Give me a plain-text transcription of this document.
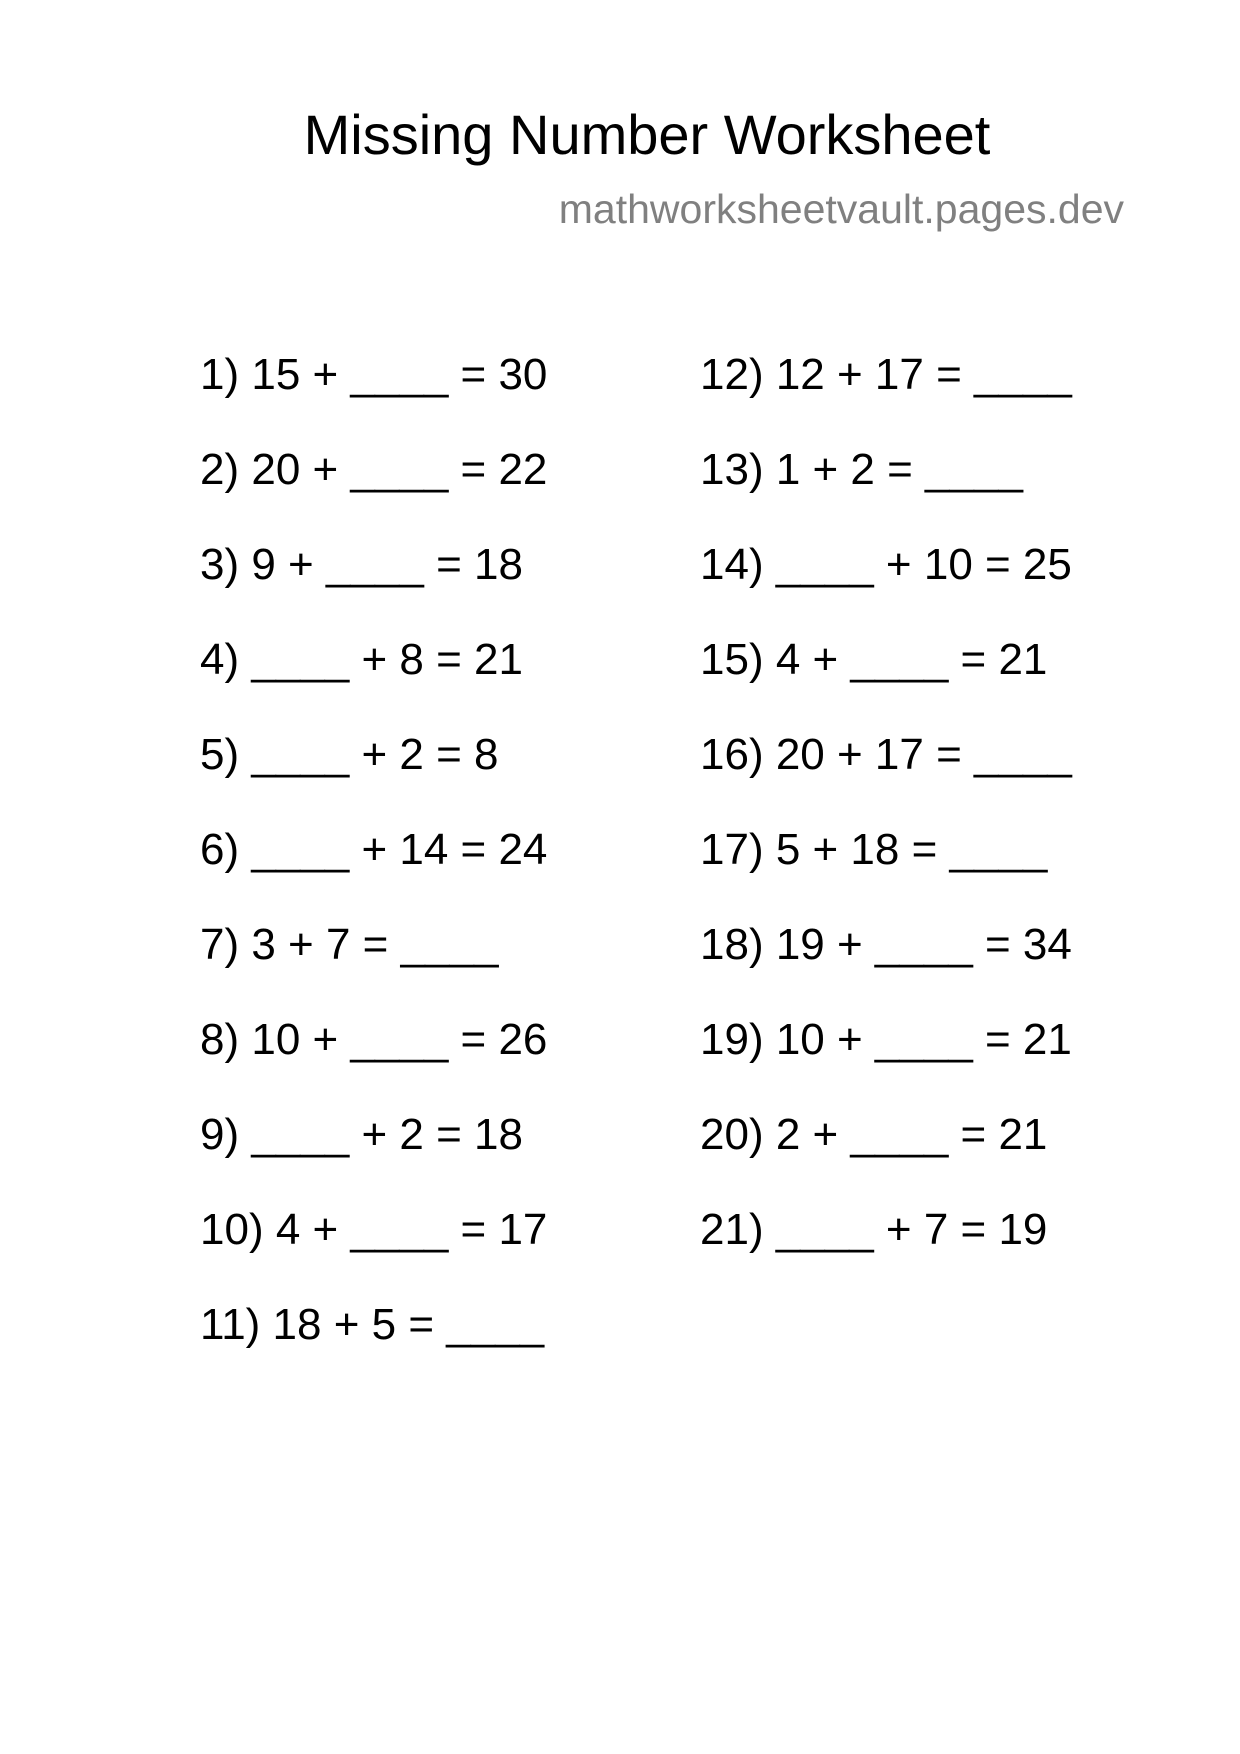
Missing Number Worksheet
mathworksheetvault.pages.dev
1) 15 + ____ = 30
2) 20 + ____ = 22
3) 9 + ____ = 18
4) ____ + 8 = 21
5) ____ + 2 = 8
6) ____ + 14 = 24
7) 3 + 7 = ____
8) 10 + ____ = 26
9) ____ + 2 = 18
10) 4 + ____ = 17
11) 18 + 5 = ____
12) 12 + 17 = ____
13) 1 + 2 = ____
14) ____ + 10 = 25
15) 4 + ____ = 21
16) 20 + 17 = ____
17) 5 + 18 = ____
18) 19 + ____ = 34
19) 10 + ____ = 21
20) 2 + ____ = 21
21) ____ + 7 = 19
